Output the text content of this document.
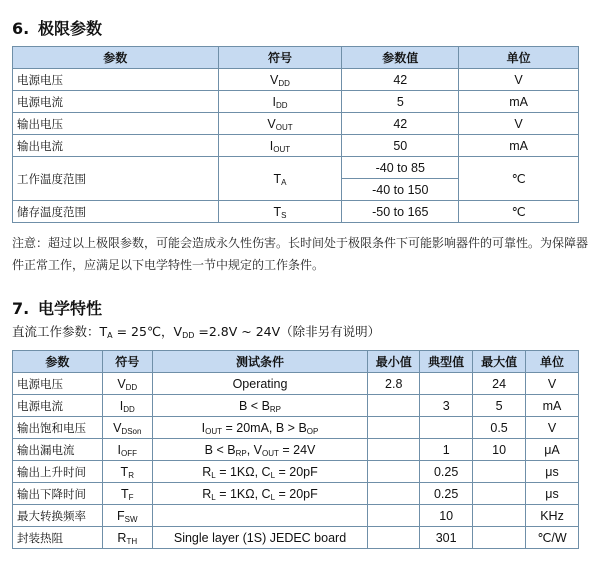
6. 极限参数
参数	符号	参数值	单位
电源电压	$V_{DD}$	42	V
电源电流	$I_{DD}$	5	mA
输出电压	$V_{OUT}$	42	V
输出电流	$I_{OUT}$	50	mA
工作温度范围	$T_A$	-40 to 85	℃
		-40 to 150	
储存温度范围	$T_S$	-50 to 165	℃
注意：超过以上极限参数，可能会造成永久性伤害。长时间处于极限条件下可能影响器件的可靠性。为保障器件正常工作，应满足以下电学特性一节中规定的工作条件。
7. 电学特性
直流工作参数：$T_A$ = 25℃，$V_{DD} =2.8V$ ~ 24V（除非另有说明）
参数	符号	测试条件	最小值	典型值	最大值	单位
电源电压	$V_{DD}$	Operating	2.8		24	V
电源电流	$I_{DD}$	$B < B_{RP}$		3	5	mA
输出饱和电压	$V_{DSon}$	$I_{OUT} = 20mA$, $B > B_{OP}$			0.5	V
输出漏电流	$I_{OFF}$	$B < B_{RP}$, $V_{OUT} = 24V$		1	10	μA
输出上升时间	$T_R$	$R_L = 1K\Omega$, $C_L = 20pF$		0.25		μs
输出下降时间	$T_F$	$R_L = 1K\Omega$, $C_L = 20pF$		0.25		μs
最大转换频率	$F_{SW}$			10		KHz
封装热阻	$R_{TH}$	Single layer (1S) JEDEC board		301		℃/W
